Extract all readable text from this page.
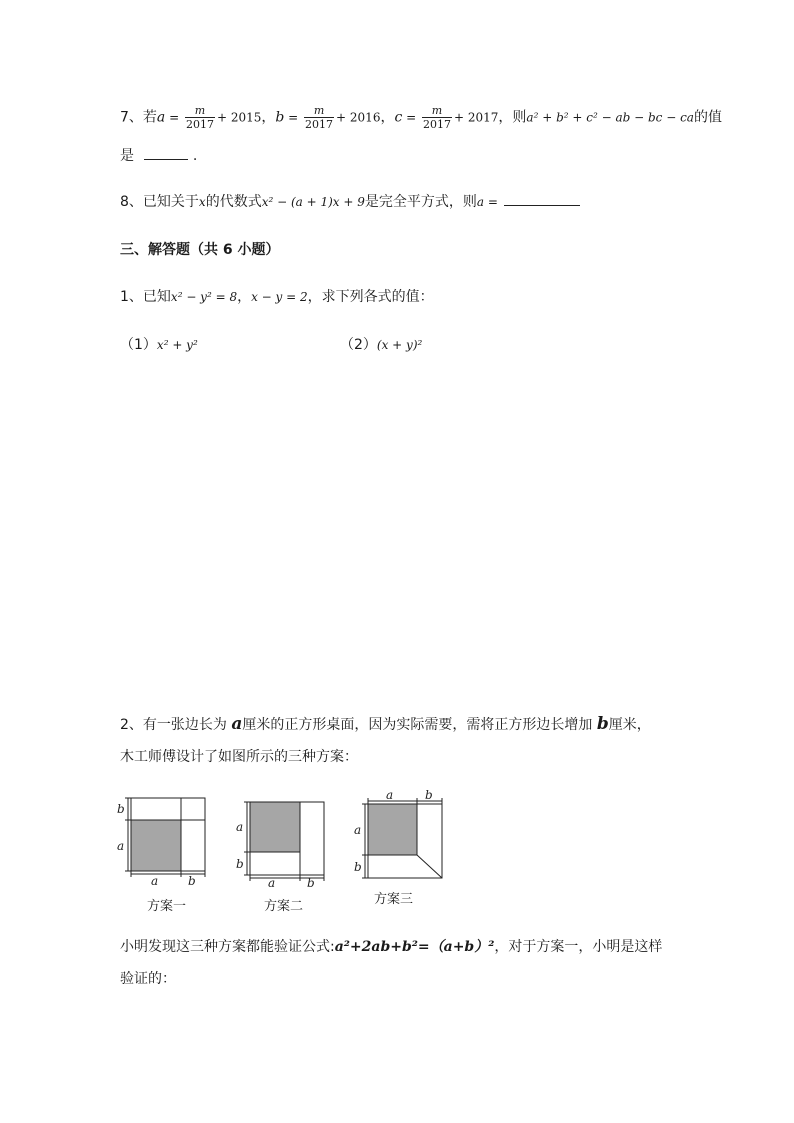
7、若$a = \frac{m}{2017} + 2015$，$b = \frac{m}{2017} + 2016$，$c = \frac{m}{2017} + 2017$，则a² + b² + c² − ab − bc − ca的值
是	.
8、已知关于x的代数式x² − (a + 1)x + 9是完全平方式，则a =
三、解答题（共 6 小题）
1、已知x² − y² = 8，x − y = 2，求下列各式的值：
（1）x² + y²	（2）(x + y)²
2、有一张边长为 a厘米的正方形桌面，因为实际需要，需将正方形边长增加 b厘米，
木工师傅设计了如图所示的三种方案：
b
a
a b
a
b
a	b
a	b
a
b
方案一	方案二	方案三
小明发现这三种方案都能验证公式:a²+2ab+b²=（a+b）²，对于方案一，小明是这样
验证的：
